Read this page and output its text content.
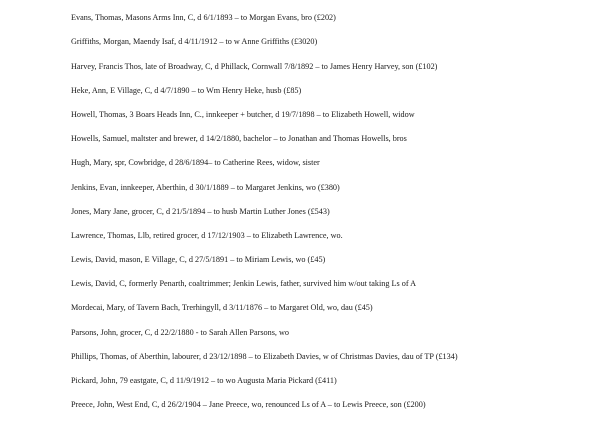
Evans, Thomas, Masons Arms Inn, C, d 6/1/1893 – to Morgan Evans, bro (£202)
Griffiths, Morgan, Maendy Isaf, d 4/11/1912 – to w Anne Griffiths (£3020)
Harvey, Francis Thos, late of Broadway, C, d Phillack, Cornwall 7/8/1892 – to James Henry Harvey, son (£102)
Heke, Ann, E Village, C, d 4/7/1890 – to Wm Henry Heke, husb (£85)
Howell, Thomas, 3 Boars Heads Inn, C., innkeeper + butcher, d 19/7/1898 – to Elizabeth Howell, widow
Howells, Samuel, maltster and brewer, d 14/2/1880, bachelor – to Jonathan and Thomas Howells, bros
Hugh, Mary, spr, Cowbridge, d 28/6/1894– to Catherine Rees, widow, sister
Jenkins, Evan, innkeeper, Aberthin, d 30/1/1889 – to Margaret Jenkins, wo (£380)
Jones, Mary Jane, grocer, C, d 21/5/1894 – to husb Martin Luther Jones (£543)
Lawrence, Thomas, Llb, retired grocer, d 17/12/1903 – to Elizabeth Lawrence, wo.
Lewis, David, mason, E Village, C, d 27/5/1891 – to Miriam Lewis, wo (£45)
Lewis, David, C, formerly Penarth, coaltrimmer; Jenkin Lewis, father, survived him w/out taking Ls of A
Mordecai, Mary, of Tavern Bach, Trerhingyll, d 3/11/1876 – to Margaret Old, wo, dau (£45)
Parsons, John, grocer, C, d 22/2/1880 - to Sarah Allen Parsons, wo
Phillips, Thomas, of Aberthin, labourer, d 23/12/1898 – to Elizabeth Davies, w of Christmas Davies, dau of TP (£134)
Pickard, John, 79 eastgate, C, d 11/9/1912 – to wo Augusta Maria Pickard (£411)
Preece, John, West End, C, d 26/2/1904 – Jane Preece, wo, renounced Ls of A – to Lewis Preece, son (£200)
